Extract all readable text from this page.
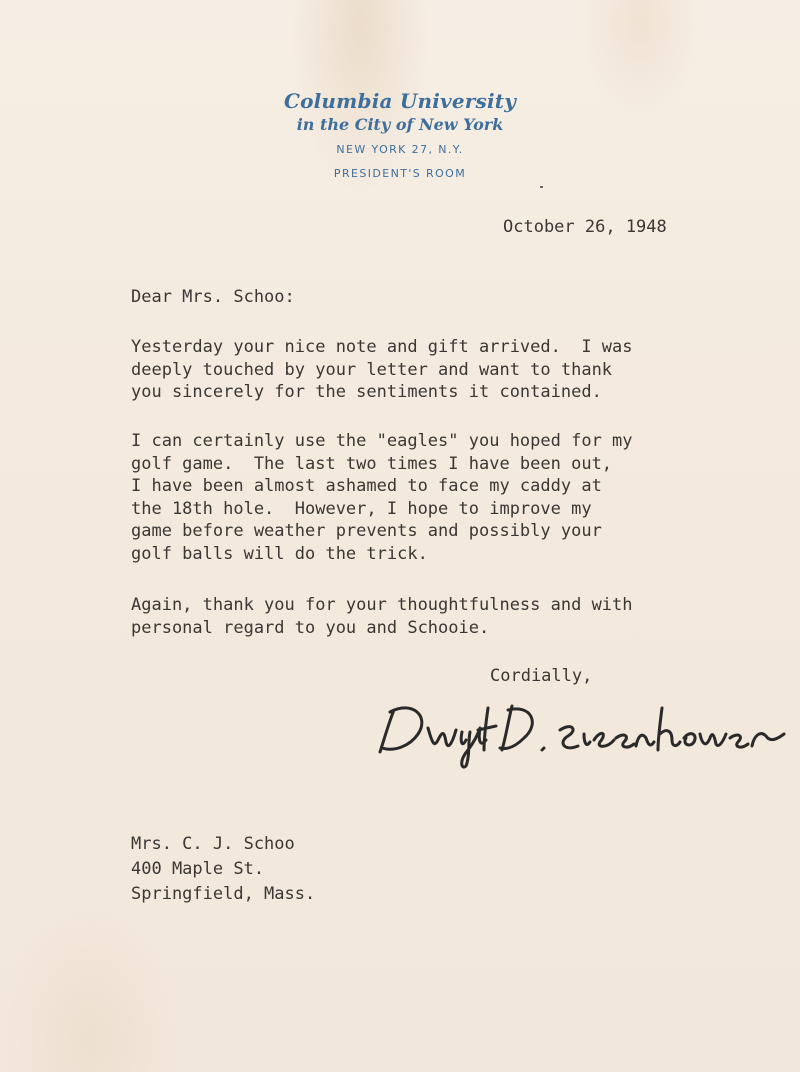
Columbia University
in the City of New York
NEW YORK 27, N.Y.
PRESIDENT'S ROOM
October 26, 1948
Dear Mrs. Schoo:
Yesterday your nice note and gift arrived.  I was
deeply touched by your letter and want to thank
you sincerely for the sentiments it contained.
I can certainly use the "eagles" you hoped for my
golf game.  The last two times I have been out,
I have been almost ashamed to face my caddy at
the 18th hole.  However, I hope to improve my
game before weather prevents and possibly your
golf balls will do the trick.
Again, thank you for your thoughtfulness and with
personal regard to you and Schooie.
Cordially,
Mrs. C. J. Schoo
400 Maple St.
Springfield, Mass.
